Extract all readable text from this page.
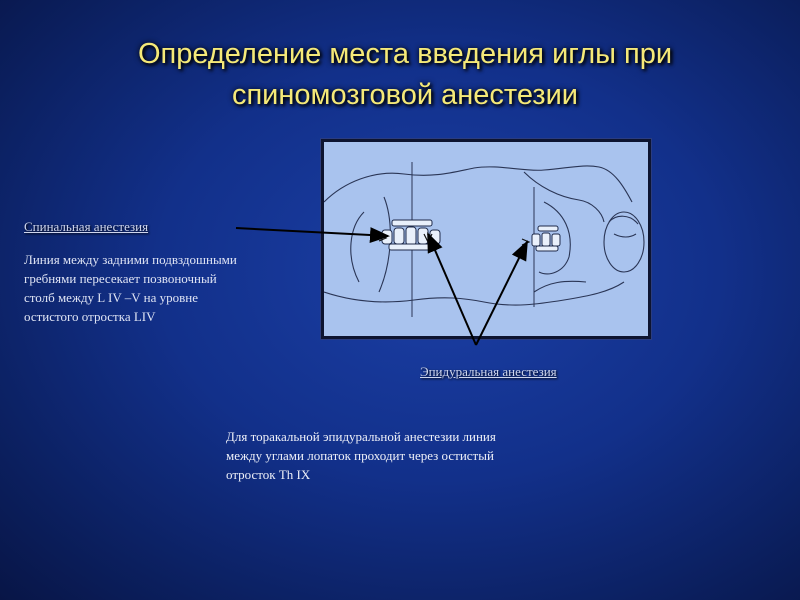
Определение места введения иглы при
спиномозговой анестезии
Спинальная анестезия
Линия между задними подвздошными гребнями пересекает позвоночный столб между L IV –V на уровне остистого отростка LIV
Эпидуральная анестезия
Для торакальной эпидуральной анестезии линия между углами лопаток проходит через остистый отросток Th IX
